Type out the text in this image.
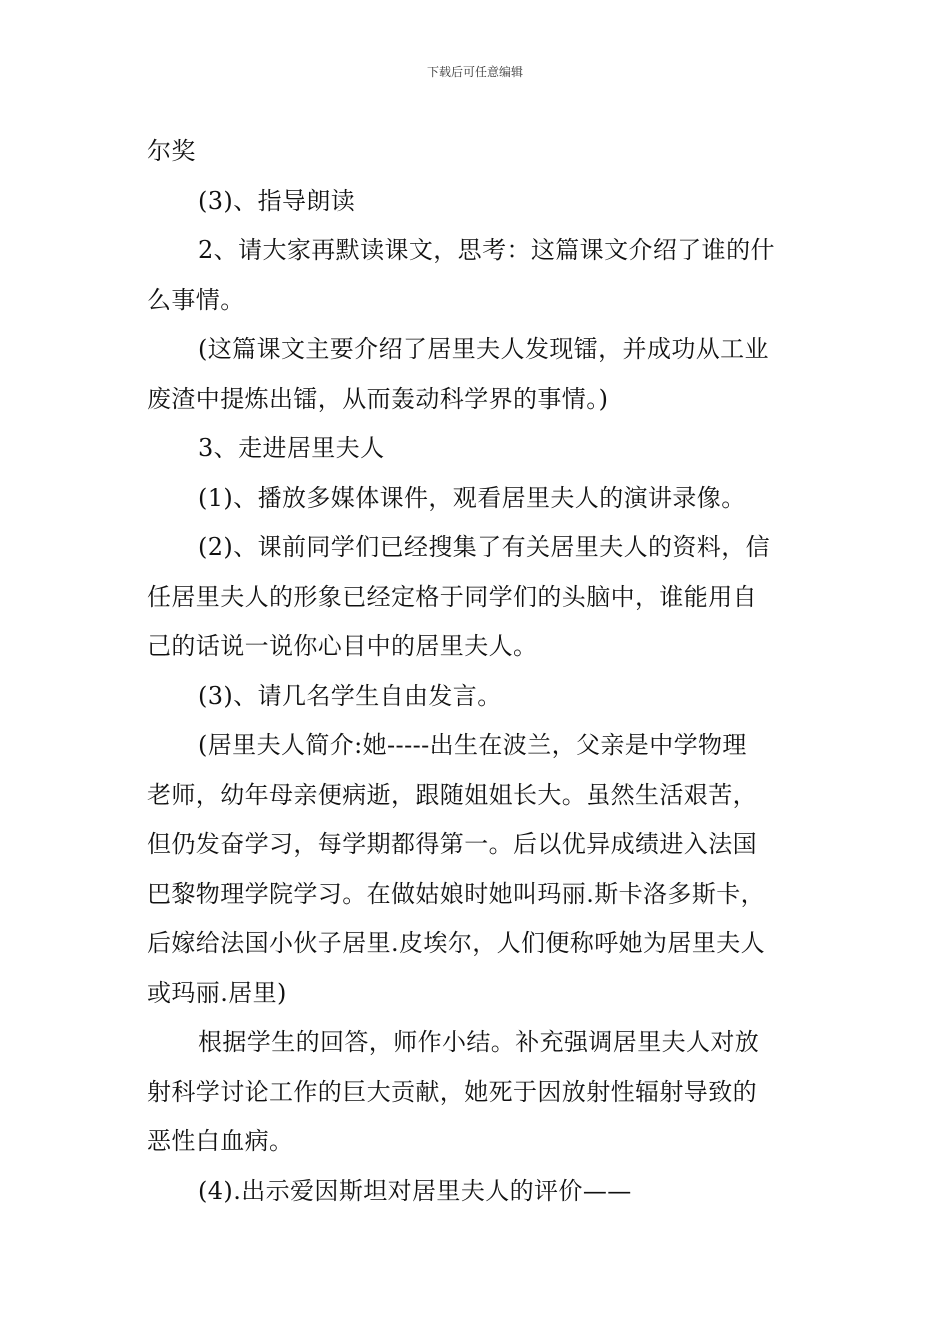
下载后可任意编辑

尔奖

(3)、指导朗读

2、请大家再默读课文，思考：这篇课文介绍了谁的什
么事情。

(这篇课文主要介绍了居里夫人发现镭，并成功从工业
废渣中提炼出镭，从而轰动科学界的事情。)

3、走进居里夫人

(1)、播放多媒体课件，观看居里夫人的演讲录像。

(2)、课前同学们已经搜集了有关居里夫人的资料，信
任居里夫人的形象已经定格于同学们的头脑中，谁能用自
己的话说一说你心目中的居里夫人。

(3)、请几名学生自由发言。

(居里夫人简介:她-----出生在波兰，父亲是中学物理
老师，幼年母亲便病逝，跟随姐姐长大。虽然生活艰苦，
但仍发奋学习，每学期都得第一。后以优异成绩进入法国
巴黎物理学院学习。在做姑娘时她叫玛丽.斯卡洛多斯卡，
后嫁给法国小伙子居里.皮埃尔，人们便称呼她为居里夫人
或玛丽.居里)

根据学生的回答，师作小结。补充强调居里夫人对放
射科学讨论工作的巨大贡献，她死于因放射性辐射导致的
恶性白血病。

(4).出示爱因斯坦对居里夫人的评价——
